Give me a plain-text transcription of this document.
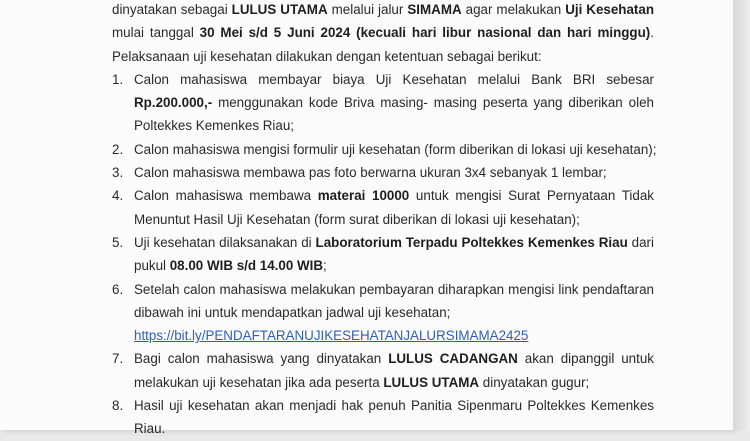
dinyatakan sebagai LULUS UTAMA melalui jalur SIMAMA agar melakukan Uji Kesehatan
mulai tanggal 30 Mei s/d 5 Juni 2024 (kecuali hari libur nasional dan hari minggu).
Pelaksanaan uji kesehatan dilakukan dengan ketentuan sebagai berikut:
1. Calon mahasiswa membayar biaya Uji Kesehatan melalui Bank BRI sebesar
Rp.200.000,- menggunakan kode Briva masing- masing peserta yang diberikan oleh
Poltekkes Kemenkes Riau;
2. Calon mahasiswa mengisi formulir uji kesehatan (form diberikan di lokasi uji kesehatan);
3. Calon mahasiswa membawa pas foto berwarna ukuran 3x4 sebanyak 1 lembar;
4. Calon mahasiswa membawa materai 10000 untuk mengisi Surat Pernyataan Tidak
Menuntut Hasil Uji Kesehatan (form surat diberikan di lokasi uji kesehatan);
5. Uji kesehatan dilaksanakan di Laboratorium Terpadu Poltekkes Kemenkes Riau dari
pukul 08.00 WIB s/d 14.00 WIB;
6. Setelah calon mahasiswa melakukan pembayaran diharapkan mengisi link pendaftaran
dibawah ini untuk mendapatkan jadwal uji kesehatan;
https://bit.ly/PENDAFTARANUJIKESEHATANJALURSIMAMA2425
7. Bagi calon mahasiswa yang dinyatakan LULUS CADANGAN akan dipanggil untuk
melakukan uji kesehatan jika ada peserta LULUS UTAMA dinyatakan gugur;
8. Hasil uji kesehatan akan menjadi hak penuh Panitia Sipenmaru Poltekkes Kemenkes
Riau.
